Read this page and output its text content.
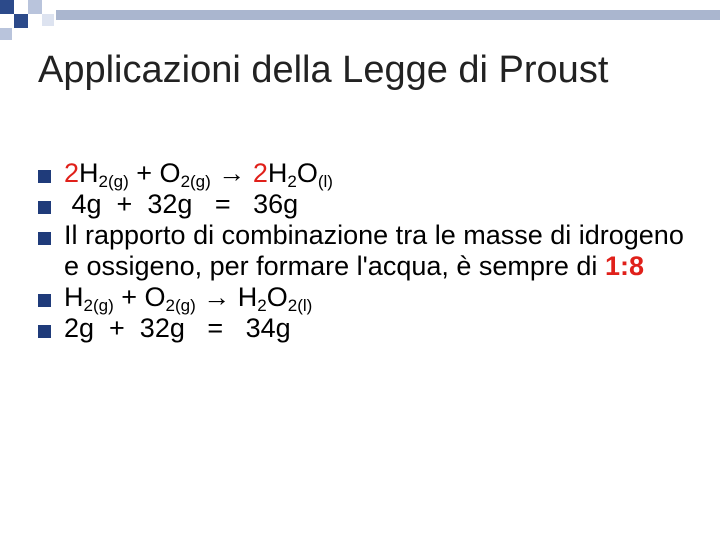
Applicazioni della Legge di Proust
$2H_{2(g)} + O_{2(g)} \to 2H_2O_{(l)}$
4g  +  32g   =   36g
Il rapporto di combinazione tra le masse di idrogeno e ossigeno, per formare l'acqua, è sempre di 1:8
$H_{2(g)} + O_{2(g)} \to H_2O_{2(l)}$
2g  +  32g   =   34g
